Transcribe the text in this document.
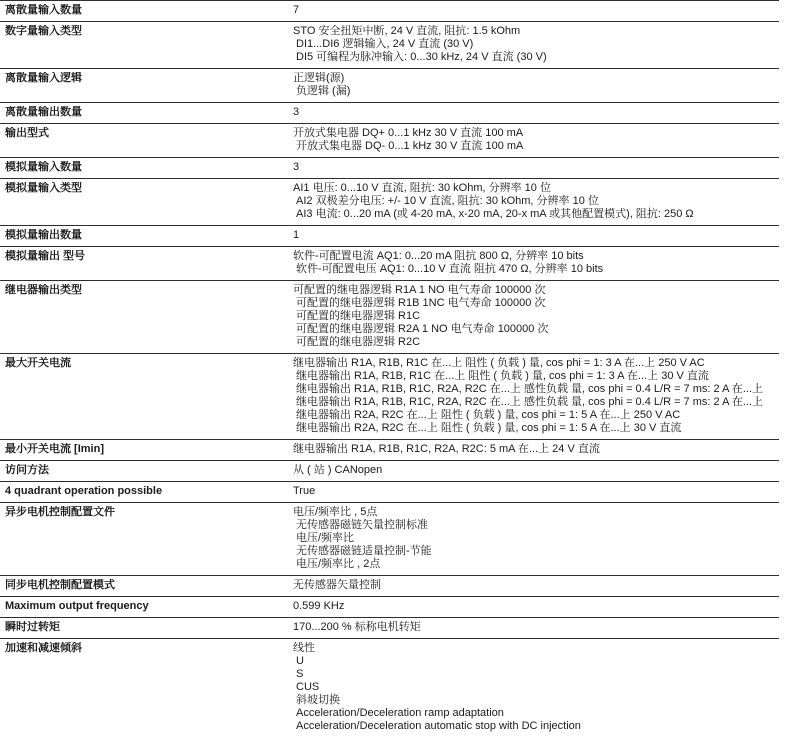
离散量输入数量	7
数字量输入类型	STO 安全扭矩中断, 24 V 直流, 阻抗: 1.5 kOhm
DI1...DI6 逻辑输入, 24 V 直流 (30 V)
DI5 可编程为脉冲输入: 0...30 kHz, 24 V 直流 (30 V)
离散量输入逻辑	正逻辑(源)
负逻辑 (漏)
离散量输出数量	3
输出型式	开放式集电器 DQ+ 0...1 kHz 30 V 直流 100 mA
开放式集电器 DQ- 0...1 kHz 30 V 直流 100 mA
模拟量输入数量	3
模拟量输入类型	AI1 电压: 0...10 V 直流, 阻抗: 30 kOhm, 分辨率 10 位
AI2 双极差分电压: +/- 10 V 直流, 阻抗: 30 kOhm, 分辨率 10 位
AI3 电流: 0...20 mA (或 4-20 mA, x-20 mA, 20-x mA 或其他配置模式), 阻抗: 250 Ω
模拟量输出数量	1
模拟量输出 型号	软件-可配置电流 AQ1: 0...20 mA 阻抗 800 Ω, 分辨率 10 bits
软件-可配置电压 AQ1: 0...10 V 直流 阻抗 470 Ω, 分辨率 10 bits
继电器输出类型	可配置的继电器逻辑 R1A 1 NO 电气寿命 100000 次
可配置的继电器逻辑 R1B 1NC 电气寿命 100000 次
可配置的继电器逻辑 R1C
可配置的继电器逻辑 R2A 1 NO 电气寿命 100000 次
可配置的继电器逻辑 R2C
最大开关电流	继电器输出 R1A, R1B, R1C 在...上 阻性 ( 负载 ) 量, cos phi = 1: 3 A 在...上 250 V AC
继电器输出 R1A, R1B, R1C 在...上 阻性 ( 负载 ) 量, cos phi = 1: 3 A 在...上 30 V 直流
继电器输出 R1A, R1B, R1C, R2A, R2C 在...上 感性负载 量, cos phi = 0.4 L/R = 7 ms: 2 A 在...上
继电器输出 R1A, R1B, R1C, R2A, R2C 在...上 感性负载 量, cos phi = 0.4 L/R = 7 ms: 2 A 在...上
继电器输出 R2A, R2C 在...上 阻性 ( 负载 ) 量, cos phi = 1: 5 A 在...上 250 V AC
继电器输出 R2A, R2C 在...上 阻性 ( 负载 ) 量, cos phi = 1: 5 A 在...上 30 V 直流
最小开关电流 [Imin]	继电器输出 R1A, R1B, R1C, R2A, R2C: 5 mA 在...上 24 V 直流
访问方法	从 ( 站 ) CANopen
4 quadrant operation possible	True
异步电机控制配置文件	电压/频率比 , 5点
无传感器磁链矢量控制标准
电压/频率比
无传感器磁链适量控制-节能
电压/频率比 , 2点
同步电机控制配置模式	无传感器矢量控制
Maximum output frequency	0.599 KHz
瞬时过转矩	170...200 % 标称电机转矩
加速和减速倾斜	线性
U
S
CUS
斜坡切换
Acceleration/Deceleration ramp adaptation
Acceleration/Deceleration automatic stop with DC injection
